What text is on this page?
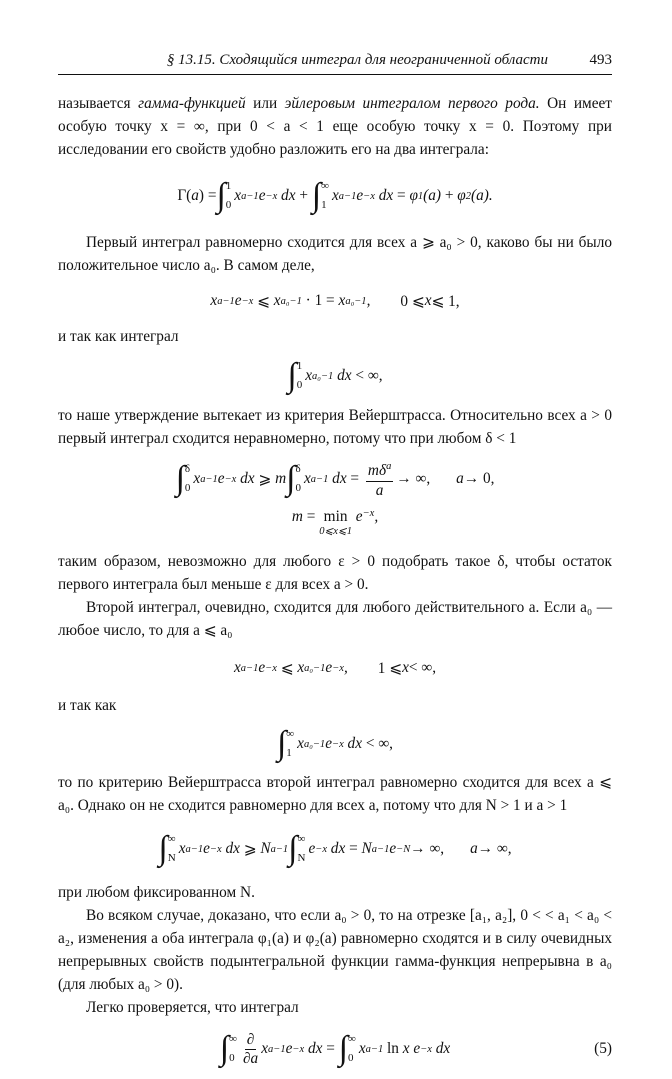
§ 13.15. Сходящийся интеграл для неограниченной области	493

называется гамма-функцией или эйлеровым интегралом первого рода. Он имеет особую точку x = ∞, при 0 < a < 1 еще особую точку x = 0. Поэтому при исследовании его свойств удобно разложить его на два интеграла:

Γ( a ) = ∫ 1
0
x a−1 e −x dx + ∫ ∞
1
x a−1 e −x dx = φ 1 (a) + φ 2 (a).

Первый интеграл равномерно сходится для всех a ⩾ a₀ > 0, каково бы ни было положительное число a₀. В самом деле,

x a−1 e −x ⩽ x a₀−1 · 1 = x a₀−1 , 0 ⩽ x ⩽ 1,

и так как интеграл

∫ 1
0
x a₀−1 dx < ∞,

то наше утверждение вытекает из критерия Вейерштрасса. Относительно всех a > 0 первый интеграл сходится неравномерно, потому что при любом δ < 1

∫ δ
0
x a−1 e −x dx ⩾ m ∫ δ
0
x a−1 dx = $\frac{m\delta^a}{a}$ → ∞, a → 0,
m = min
0⩽x⩽1
$e^{-x}$ ,

таким образом, невозможно для любого ε > 0 подобрать такое δ, чтобы остаток первого интеграла был меньше ε для всех a > 0.

Второй интеграл, очевидно, сходится для любого действительного a. Если a₀ — любое число, то для a ⩽ a₀

x a−1 e −x ⩽ x a₀−1 e −x , 1 ⩽ x < ∞,

и так как

∫ ∞
1
x a₀−1 e −x dx < ∞,

то по критерию Вейерштрасса второй интеграл равномерно сходится для всех a ⩽ a₀. Однако он не сходится равномерно для всех a, потому что для N > 1 и a > 1

∫ ∞
N
x a−1 e −x dx ⩾ N a−1 ∫ ∞
N
e −x dx = N a−1 e −N → ∞, a → ∞,

при любом фиксированном N.

Во всяком случае, доказано, что если a₀ > 0, то на отрезке [a₁, a₂], 0 < < a₁ < a₀ < a₂, изменения a оба интеграла φ₁(a) и φ₂(a) равномерно сходятся и в силу очевидных непрерывных свойств подынтегральной функции гамма-функция непрерывна в a₀ (для любых a₀ > 0).

Легко проверяется, что интеграл

∫ ∞
$0 \frac{\partial}{\partial a}$ x a−1 e −x dx = ∫ ∞
0
x a−1 ln x e −x dx	(5)
